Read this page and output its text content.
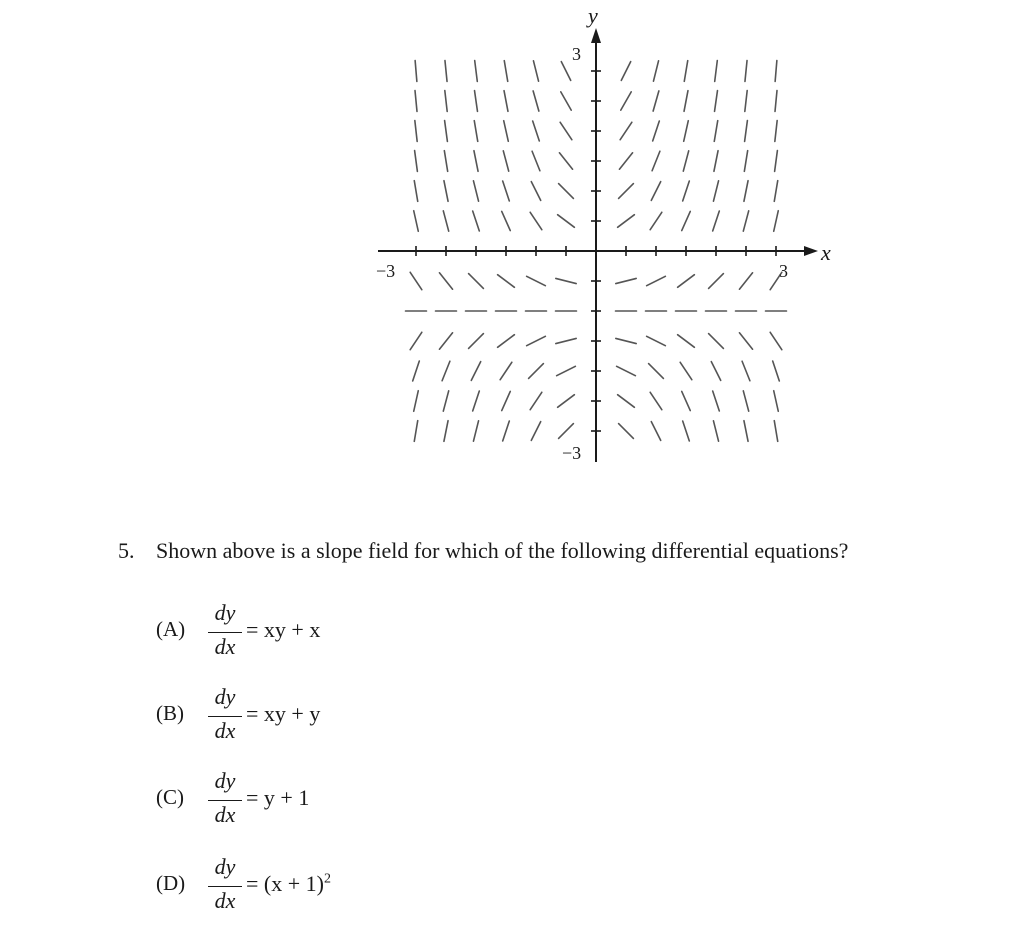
y
x
3
−3
−3	3
5. Shown above is a slope field for which of the following differential equations?
(A)
dy
dx
= xy + x
(B)
dy
dx
= xy + y
(C)
dy
dx
= y + 1
(D)
dy
dx
= $(x + 1)^2$
